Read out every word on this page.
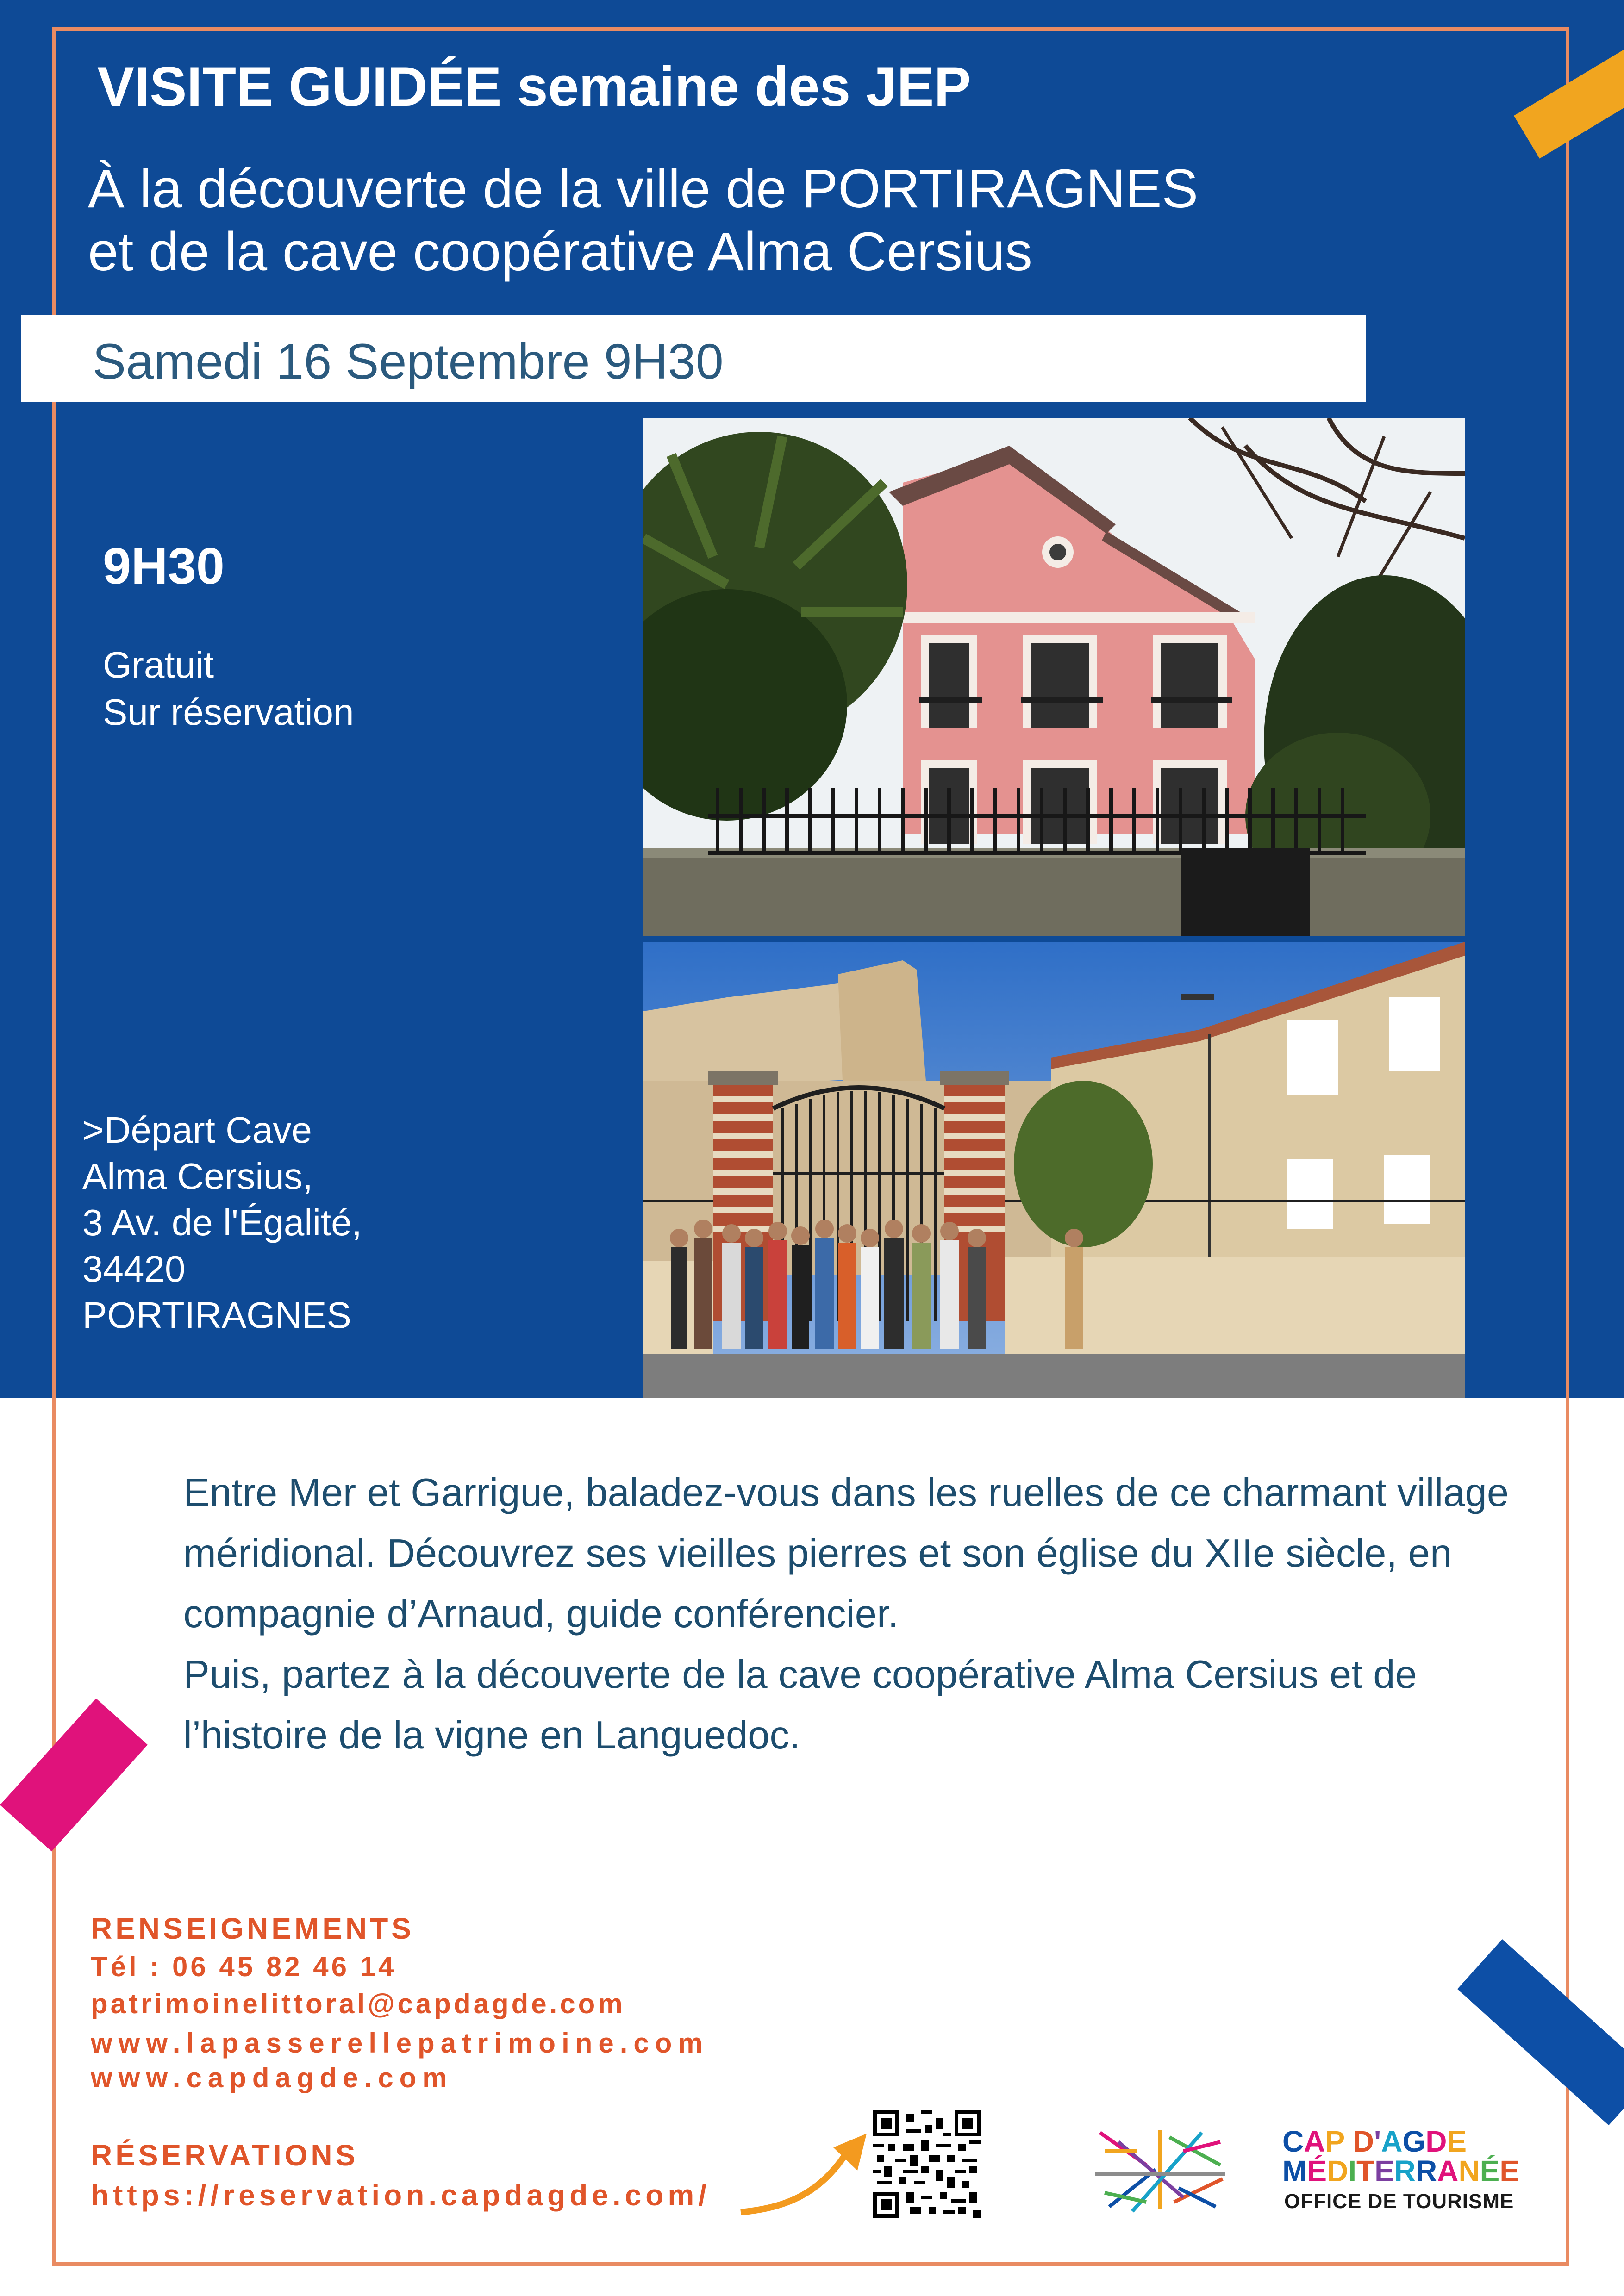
VISITE GUIDÉE semaine des JEP
À la découverte de la ville de PORTIRAGNES
et de la cave coopérative Alma Cersius
Samedi 16 Septembre 9H30
9H30
Gratuit
Sur réservation
>Départ Cave
Alma Cersius,
3 Av. de l'Égalité,
34420
PORTIRAGNES

Entre Mer et Garrigue, baladez-vous dans les ruelles de ce charmant village méridional. Découvrez ses vieilles pierres et son église du XIIe siècle, en compagnie d’Arnaud, guide conférencier.

Puis, partez à la découverte de la cave coopérative Alma Cersius et de l’histoire de la vigne en Languedoc.

RENSEIGNEMENTS
Tél : 06 45 82 46 14
patrimoinelittoral@capdagde.com
www.lapasserellepatrimoine.com
www.capdagde.com
RÉSERVATIONS
https://reservation.capdagde.com/
CAP D'AGDE
MÉDITERRANÉE
OFFICE DE TOURISME
